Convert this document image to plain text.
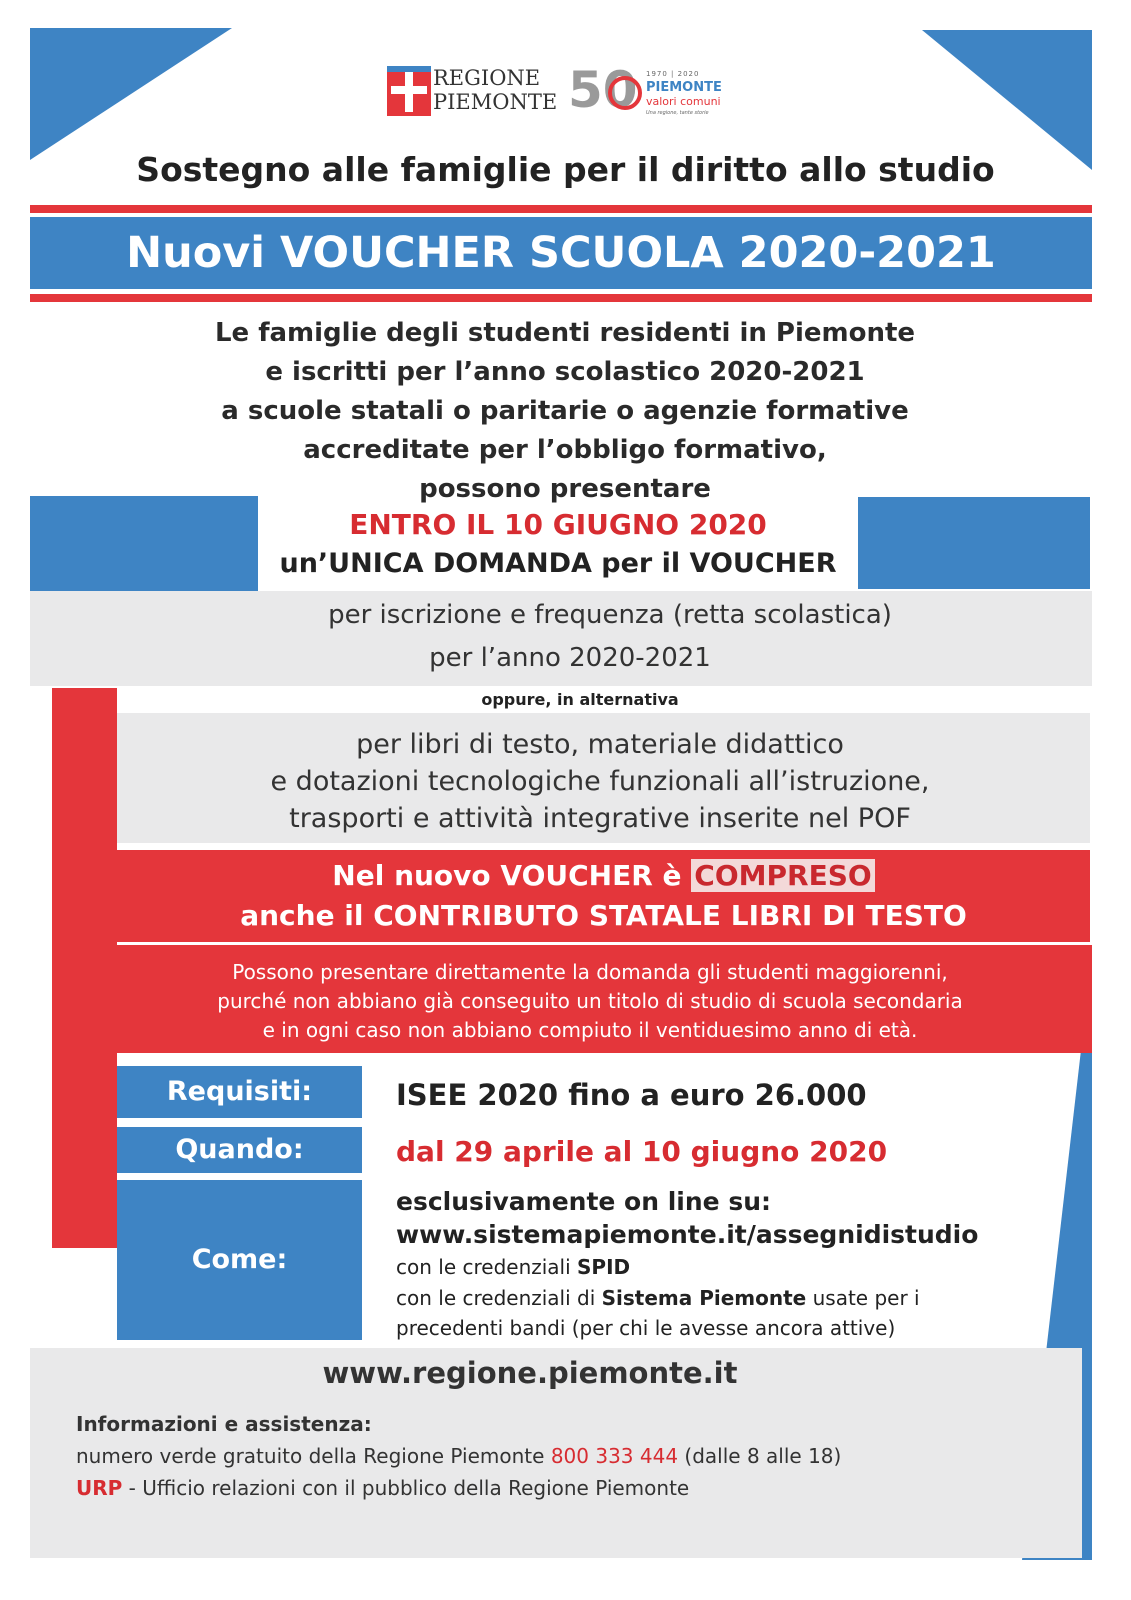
REGIONE
PIEMONTE 50 1970 | 2020
PIEMONTE
valori comuni
Una regione, tante storie
Sostegno alle famiglie per il diritto allo studio
Nuovi VOUCHER SCUOLA 2020-2021
Le famiglie degli studenti residenti in Piemonte
e iscritti per l’anno scolastico 2020-2021
a scuole statali o paritarie o agenzie formative
accreditate per l’obbligo formativo,
possono presentare
ENTRO IL 10 GIUGNO 2020
un’UNICA DOMANDA per il VOUCHER
per iscrizione e frequenza (retta scolastica)
per l’anno 2020-2021
oppure, in alternativa
per libri di testo, materiale didattico
e dotazioni tecnologiche funzionali all’istruzione,
trasporti e attività integrative inserite nel POF
Nel nuovo VOUCHER è COMPRESO
anche il CONTRIBUTO STATALE LIBRI DI TESTO
Possono presentare direttamente la domanda gli studenti maggiorenni,
purché non abbiano già conseguito un titolo di studio di scuola secondaria
e in ogni caso non abbiano compiuto il ventiduesimo anno di età.
Requisiti:	ISEE 2020 fino a euro 26.000
Quando:	dal 29 aprile al 10 giugno 2020
Come:
esclusivamente on line su:
www.sistemapiemonte.it/assegnidistudio
con le credenziali SPID
con le credenziali di Sistema Piemonte usate per i
precedenti bandi (per chi le avesse ancora attive)
www.regione.piemonte.it
Informazioni e assistenza:
numero verde gratuito della Regione Piemonte 800 333 444 (dalle 8 alle 18)
URP - Ufficio relazioni con il pubblico della Regione Piemonte
